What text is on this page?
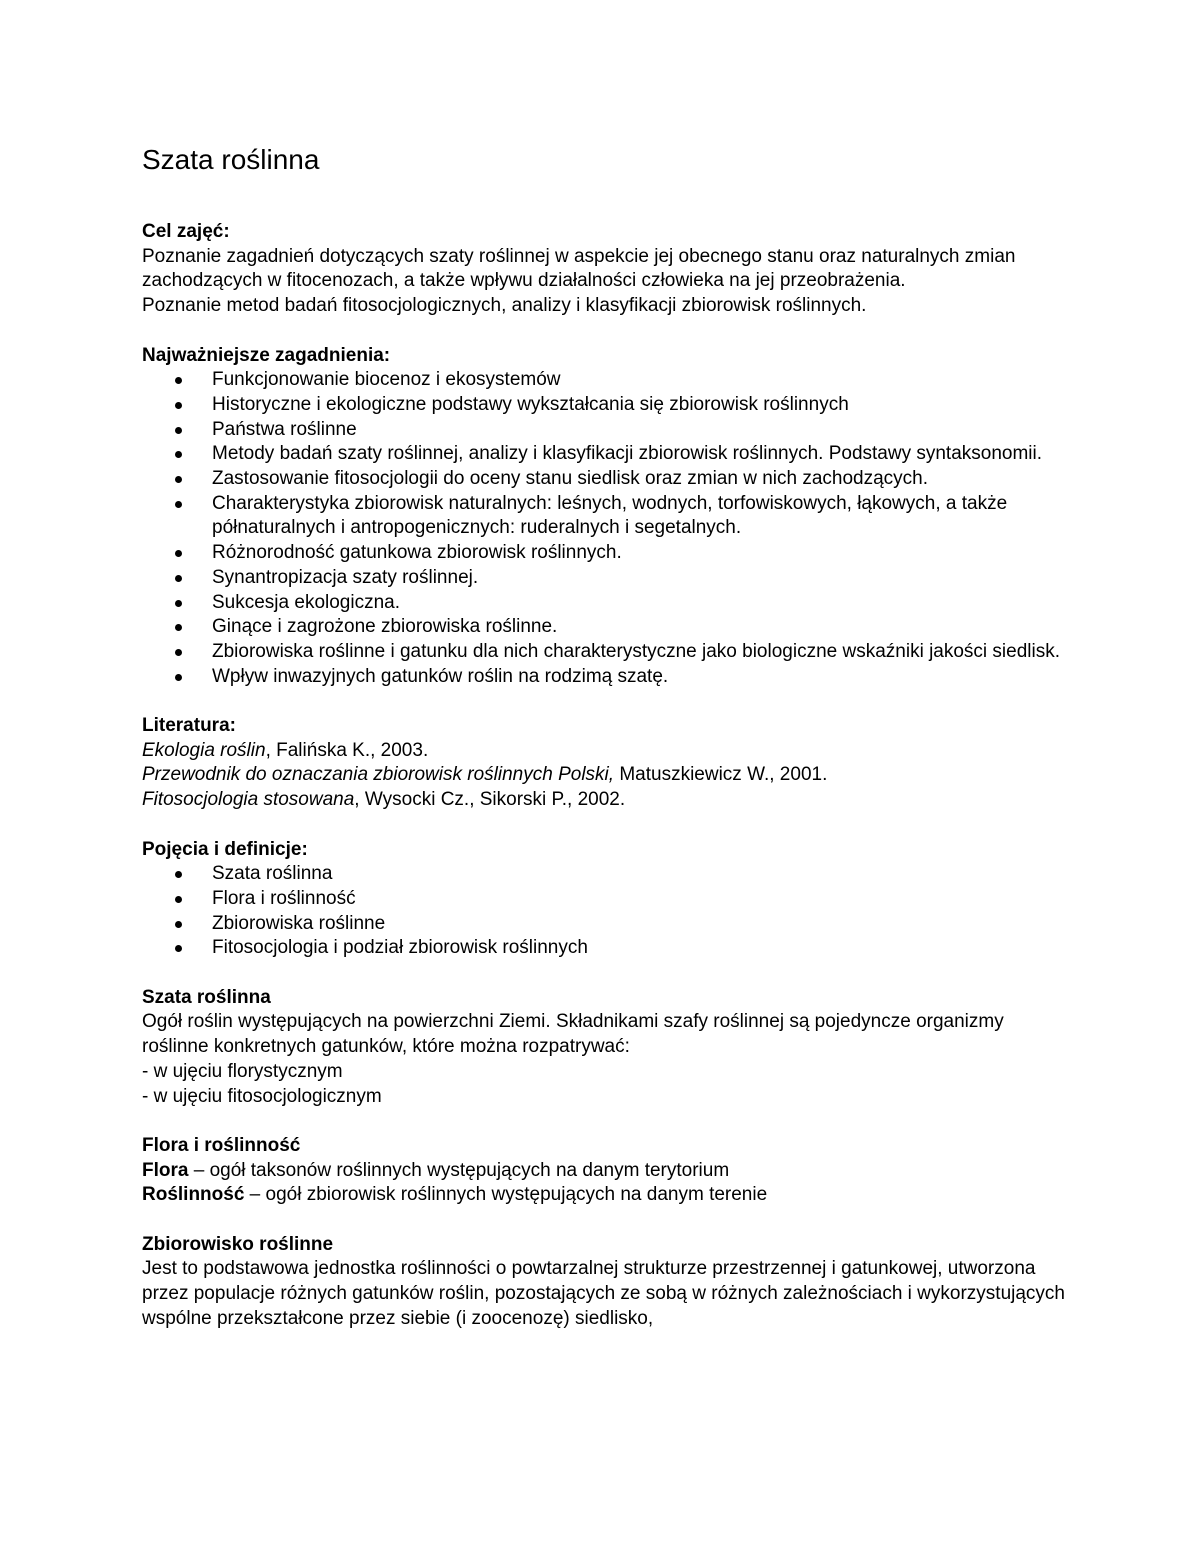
Szata roślinna

Cel zajęć:

Poznanie zagadnień dotyczących szaty roślinnej w aspekcie jej obecnego stanu oraz naturalnych zmian zachodzących w fitocenozach, a także wpływu działalności człowieka na jej przeobrażenia.

Poznanie metod badań fitosocjologicznych, analizy i klasyfikacji zbiorowisk roślinnych.

Najważniejsze zagadnienia:

Funkcjonowanie biocenoz i ekosystemów
Historyczne i ekologiczne podstawy wykształcania się zbiorowisk roślinnych
Państwa roślinne
Metody badań szaty roślinnej, analizy i klasyfikacji zbiorowisk roślinnych. Podstawy syntaksonomii.
Zastosowanie fitosocjologii do oceny stanu siedlisk oraz zmian w nich zachodzących.
Charakterystyka zbiorowisk naturalnych: leśnych, wodnych, torfowiskowych, łąkowych, a także półnaturalnych i antropogenicznych: ruderalnych i segetalnych.
Różnorodność gatunkowa zbiorowisk roślinnych.
Synantropizacja szaty roślinnej.
Sukcesja ekologiczna.
Ginące i zagrożone zbiorowiska roślinne.
Zbiorowiska roślinne i gatunku dla nich charakterystyczne jako biologiczne wskaźniki jakości siedlisk.
Wpływ inwazyjnych gatunków roślin na rodzimą szatę.

Literatura:

Ekologia roślin, Falińska K., 2003.

Przewodnik do oznaczania zbiorowisk roślinnych Polski, Matuszkiewicz W., 2001.

Fitosocjologia stosowana, Wysocki Cz., Sikorski P., 2002.

Pojęcia i definicje:

Szata roślinna
Flora i roślinność
Zbiorowiska roślinne
Fitosocjologia i podział zbiorowisk roślinnych

Szata roślinna

Ogół roślin występujących na powierzchni Ziemi. Składnikami szafy roślinnej są pojedyncze organizmy roślinne konkretnych gatunków, które można rozpatrywać:

- w ujęciu florystycznym

- w ujęciu fitosocjologicznym

Flora i roślinność

Flora – ogół taksonów roślinnych występujących na danym terytorium

Roślinność – ogół zbiorowisk roślinnych występujących na danym terenie

Zbiorowisko roślinne

Jest to podstawowa jednostka roślinności o powtarzalnej strukturze przestrzennej i gatunkowej, utworzona przez populacje różnych gatunków roślin, pozostających ze sobą w różnych zależnościach i wykorzystujących wspólne przekształcone przez siebie (i zoocenozę) siedlisko,
